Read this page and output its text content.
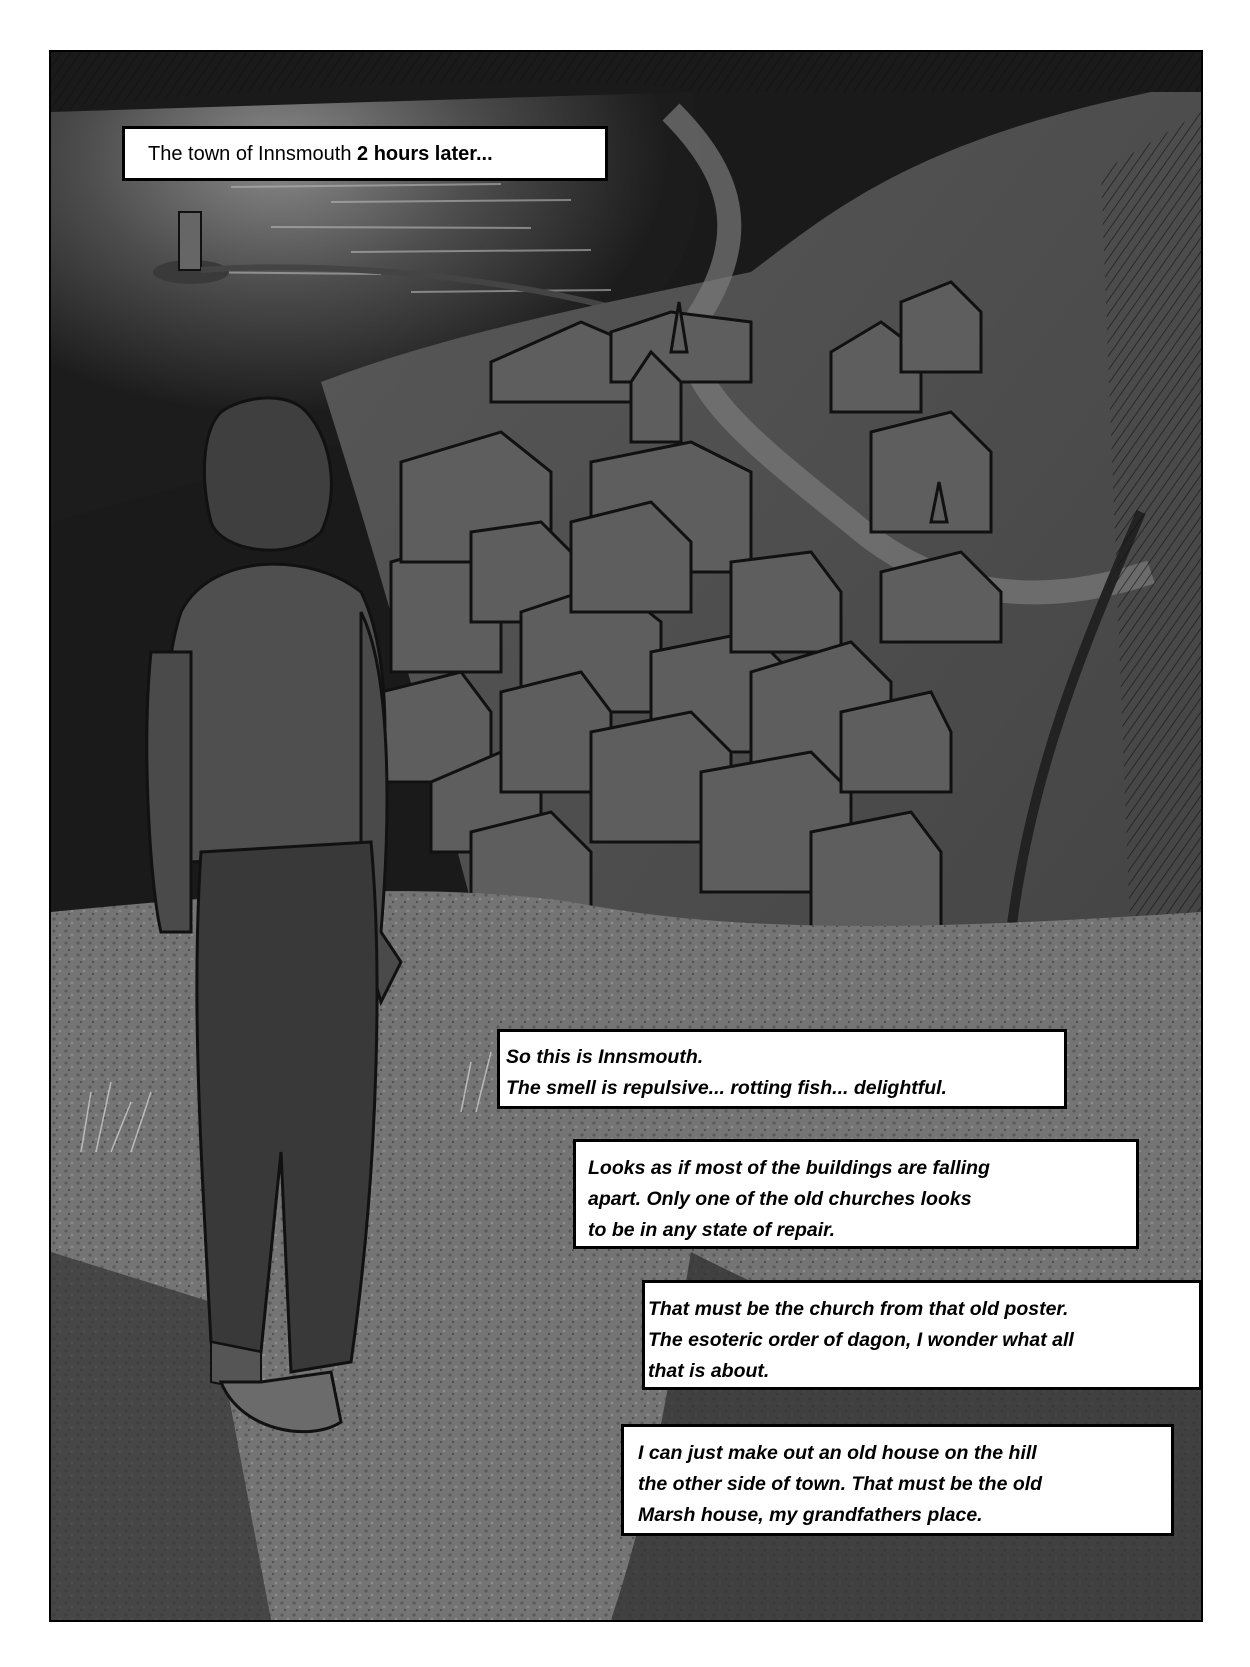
The town of Innsmouth 2 hours later...
So this is Innsmouth.
The smell is repulsive... rotting fish... delightful.
Looks as if most of the buildings are falling
apart. Only one of the old churches looks
to be in any state of repair.
That must be the church from that old poster.
The esoteric order of dagon, I wonder what all
that is about.
I can just make out an old house on the hill
the other side of town. That must be the old
Marsh house, my grandfathers place.
